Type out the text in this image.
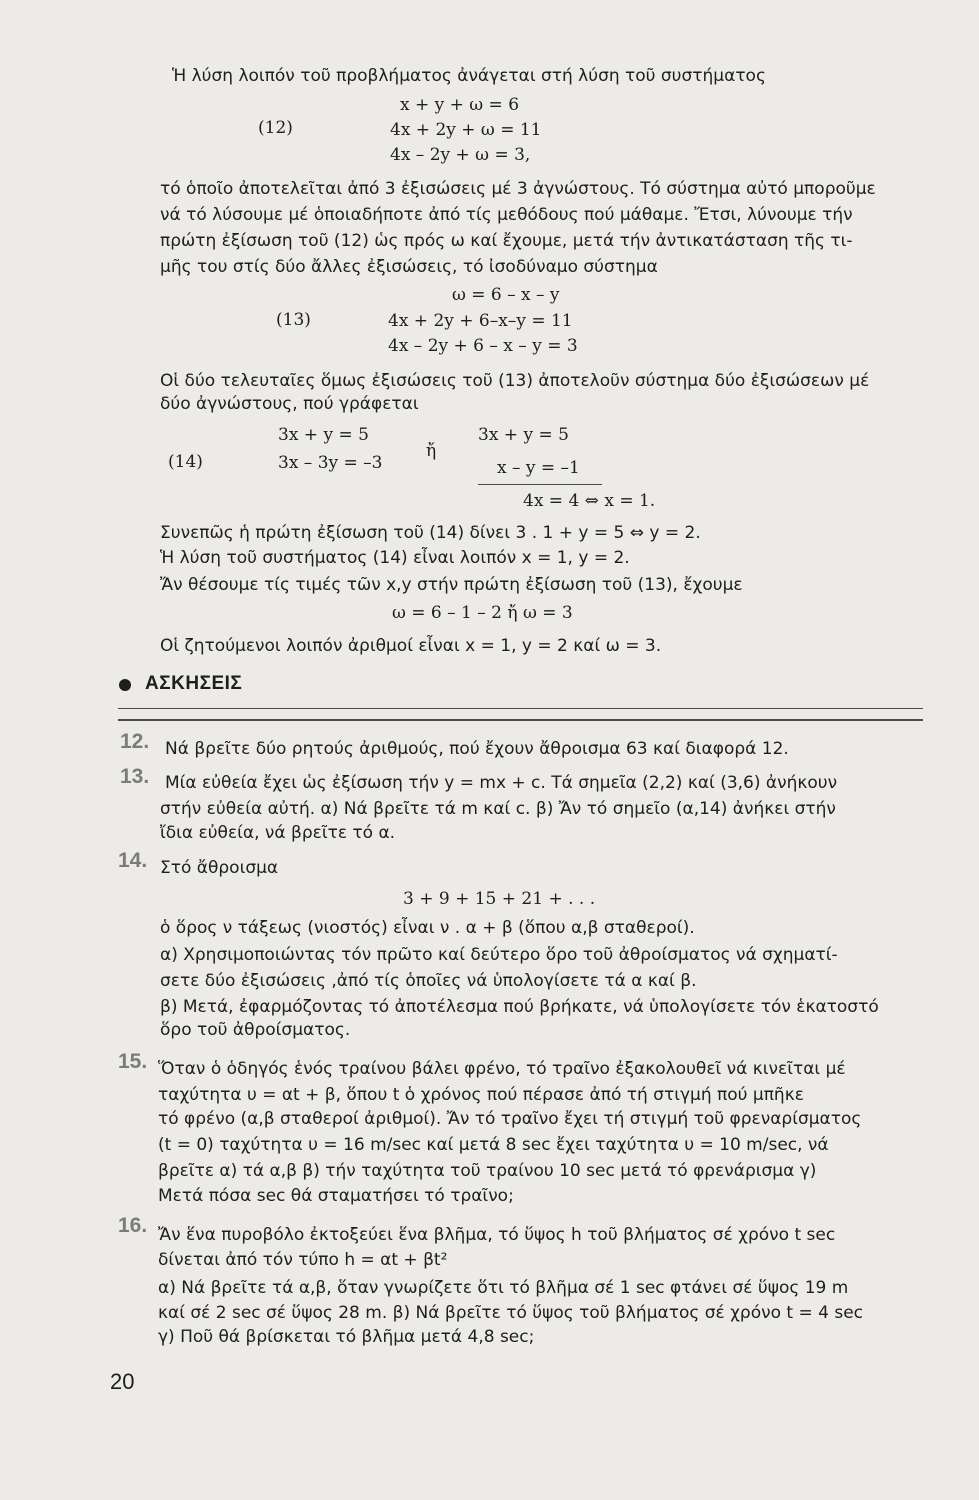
Ἡ λύση λοιπόν τοῦ προβλήματος ἀνάγεται στή λύση τοῦ συστήματος
(12)
x + y + ω = 6
4x + 2y + ω = 11
4x – 2y + ω = 3,
τό ὁποῖο ἀποτελεῖται ἀπό 3 ἐξισώσεις μέ 3 ἀγνώστους. Τό σύστημα αὐτό μποροῦμε
νά τό λύσουμε μέ ὁποιαδήποτε ἀπό τίς μεθόδους πού μάθαμε. Ἔτσι, λύνουμε τήν
πρώτη ἐξίσωση τοῦ (12) ὡς πρός ω καί ἔχουμε, μετά τήν ἀντικατάσταση τῆς τι-
μῆς του στίς δύο ἄλλες ἐξισώσεις, τό ἰσοδύναμο σύστημα
(13)
ω = 6 – x – y
4x + 2y + 6–x–y = 11
4x – 2y + 6 – x – y = 3
Οἱ δύο τελευταῖες ὅμως ἐξισώσεις τοῦ (13) ἀποτελοῦν σύστημα δύο ἐξισώσεων μέ
δύο ἀγνώστους, πού γράφεται
(14)
3x + y = 5
3x – 3y = –3
ἤ
3x + y = 5
x – y = –1
4x = 4 ⇔ x = 1.
Συνεπῶς ἡ πρώτη ἐξίσωση τοῦ (14) δίνει 3 . 1 + y = 5 ⇔ y = 2.
Ἡ λύση τοῦ συστήματος (14) εἶναι λοιπόν x = 1, y = 2.
Ἄν θέσουμε τίς τιμές τῶν x,y στήν πρώτη ἐξίσωση τοῦ (13), ἔχουμε
ω = 6 – 1 – 2 ἤ ω = 3
Οἱ ζητούμενοι λοιπόν ἀριθμοί εἶναι x = 1, y = 2 καί ω = 3.
ΑΣΚΗΣΕΙΣ
12. Νά βρεῖτε δύο ρητούς ἀριθμούς, πού ἔχουν ἄθροισμα 63 καί διαφορά 12.
13. Μία εὐθεία ἔχει ὡς ἐξίσωση τήν y = mx + c. Τά σημεῖα (2,2) καί (3,6) ἀνήκουν
στήν εὐθεία αὐτή. α) Νά βρεῖτε τά m καί c. β) Ἄν τό σημεῖο (α,14) ἀνήκει στήν
ἴδια εὐθεία, νά βρεῖτε τό α.
14. Στό ἄθροισμα
3 + 9 + 15 + 21 + . . .
ὁ ὅρος ν τάξεως (νιοστός) εἶναι ν . α + β (ὅπου α,β σταθεροί).
α) Χρησιμοποιώντας τόν πρῶτο καί δεύτερο ὅρο τοῦ ἀθροίσματος νά σχηματί-
σετε δύο ἐξισώσεις ,ἀπό τίς ὁποῖες νά ὑπολογίσετε τά α καί β.
β) Μετά, ἐφαρμόζοντας τό ἀποτέλεσμα πού βρήκατε, νά ὑπολογίσετε τόν ἑκατοστό
ὅρο τοῦ ἀθροίσματος.
15. Ὅταν ὁ ὁδηγός ἑνός τραίνου βάλει φρένο, τό τραῖνο ἐξακολουθεῖ νά κινεῖται μέ
ταχύτητα υ = αt + β, ὅπου t ὁ χρόνος πού πέρασε ἀπό τή στιγμή πού μπῆκε
τό φρένο (α,β σταθεροί ἀριθμοί). Ἄν τό τραῖνο ἔχει τή στιγμή τοῦ φρεναρίσματος
(t = 0) ταχύτητα υ = 16 m/sec καί μετά 8 sec ἔχει ταχύτητα υ = 10 m/sec, νά
βρεῖτε α) τά α,β β) τήν ταχύτητα τοῦ τραίνου 10 sec μετά τό φρενάρισμα γ)
Μετά πόσα sec θά σταματήσει τό τραῖνο;
16. Ἄν ἕνα πυροβόλο ἐκτοξεύει ἕνα βλῆμα, τό ὕψος h τοῦ βλήματος σέ χρόνο t sec
δίνεται ἀπό τόν τύπο h = αt + βt²
α) Νά βρεῖτε τά α,β, ὅταν γνωρίζετε ὅτι τό βλῆμα σέ 1 sec φτάνει σέ ὕψος 19 m
καί σέ 2 sec σέ ὕψος 28 m. β) Νά βρεῖτε τό ὕψος τοῦ βλήματος σέ χρόνο t = 4 sec
γ) Ποῦ θά βρίσκεται τό βλῆμα μετά 4,8 sec;
20
